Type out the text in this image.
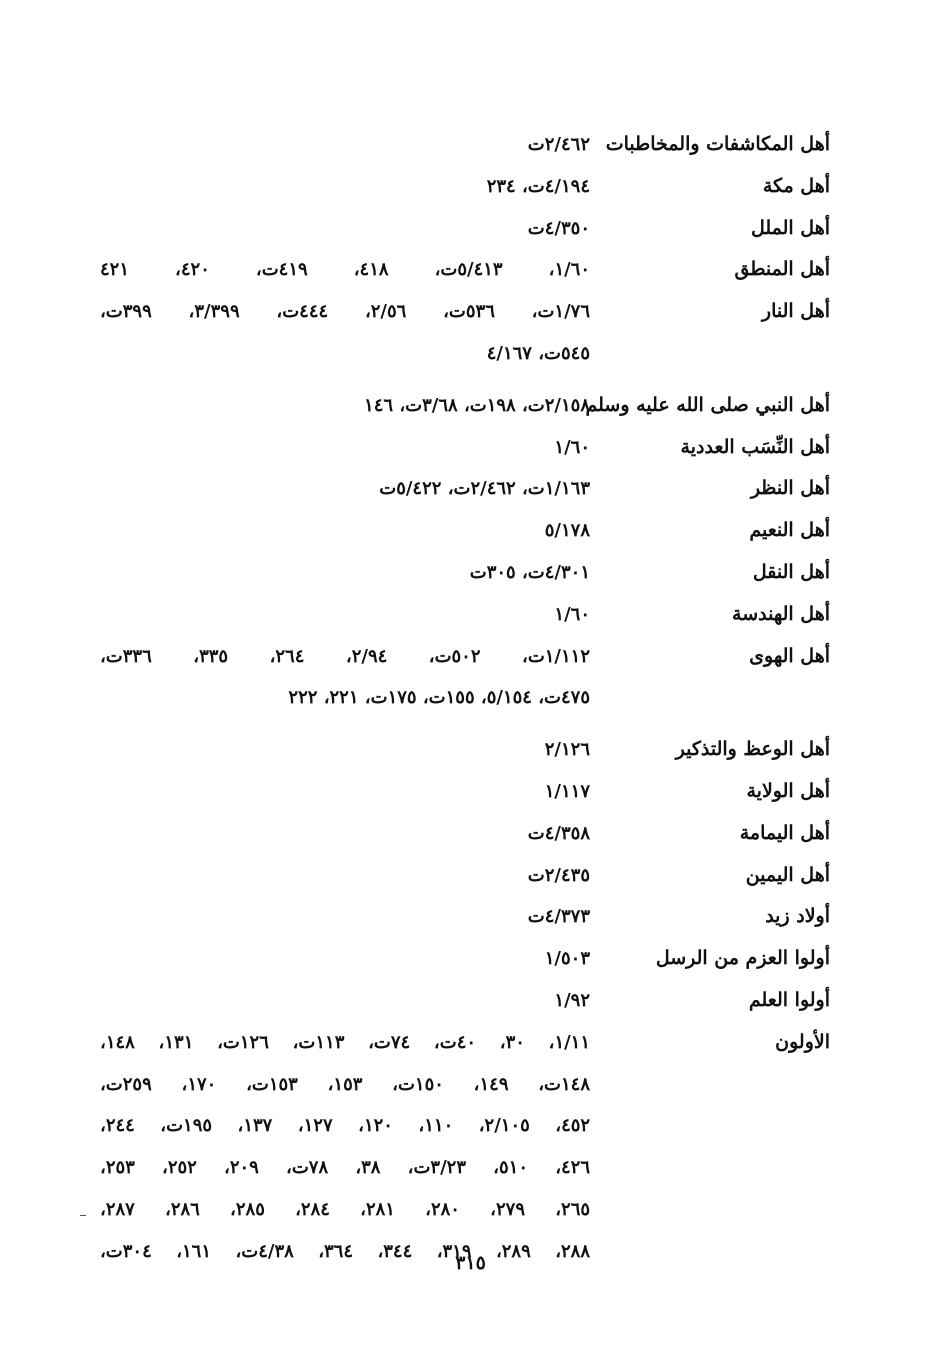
أهل المكاشفات والمخاطبات
٢/٤٦٢ت
أهل مكة
٤/١٩٤ت، ٢٣٤
أهل الملل
٤/٣٥٠ت
أهل المنطق
١/٦٠، ٥/٤١٣ت، ٤١٨، ٤١٩ت، ٤٢٠، ٤٢١
أهل النار
١/٧٦ت، ٥٣٦ت، ٢/٥٦، ٤٤٤ت، ٣/٣٩٩، ٣٩٩ت،
٥٤٥ت، ٤/١٦٧
أهل النبي صلى الله عليه وسلم
٢/١٥٨ت، ١٩٨ت، ٣/٦٨ت، ١٤٦
أهل النِّسَب العددية
١/٦٠
أهل النظر
١/١٦٣ت، ٢/٤٦٢ت، ٥/٤٢٢ت
أهل النعيم
٥/١٧٨
أهل النقل
٤/٣٠١ت، ٣٠٥ت
أهل الهندسة
١/٦٠
أهل الهوى
١/١١٢ت، ٥٠٢ت، ٢/٩٤، ٢٦٤، ٣٣٥، ٣٣٦ت،
٤٧٥ت، ٥/١٥٤، ١٥٥ت، ١٧٥ت، ٢٢١، ٢٢٢
أهل الوعظ والتذكير
٢/١٢٦
أهل الولاية
١/١١٧
أهل اليمامة
٤/٣٥٨ت
أهل اليمين
٢/٤٣٥ت
أولاد زيد
٤/٣٧٣ت
أولوا العزم من الرسل
١/٥٠٣
أولوا العلم
١/٩٢
الأولون
١/١١، ٣٠، ٤٠ت، ٧٤ت، ١١٣ت، ١٢٦ت، ١٣١، ١٤٨،
١٤٨ت، ١٤٩، ١٥٠ت، ١٥٣، ١٥٣ت، ١٧٠، ٢٥٩ت،
٤٥٢، ٢/١٠٥، ١١٠، ١٢٠، ١٢٧، ١٣٧، ١٩٥ت، ٢٤٤،
٤٢٦، ٥١٠، ٣/٢٣ت، ٣٨، ٧٨ت، ٢٠٩، ٢٥٢، ٢٥٣،
٢٦٥، ٢٧٩، ٢٨٠، ٢٨١، ٢٨٤، ٢٨٥، ٢٨٦، ٢٨٧،
٢٨٨، ٢٨٩، ٣١٩، ٣٤٤، ٣٦٤، ٤/٣٨ت، ١٦١، ٣٠٤ت،
٣١٥
